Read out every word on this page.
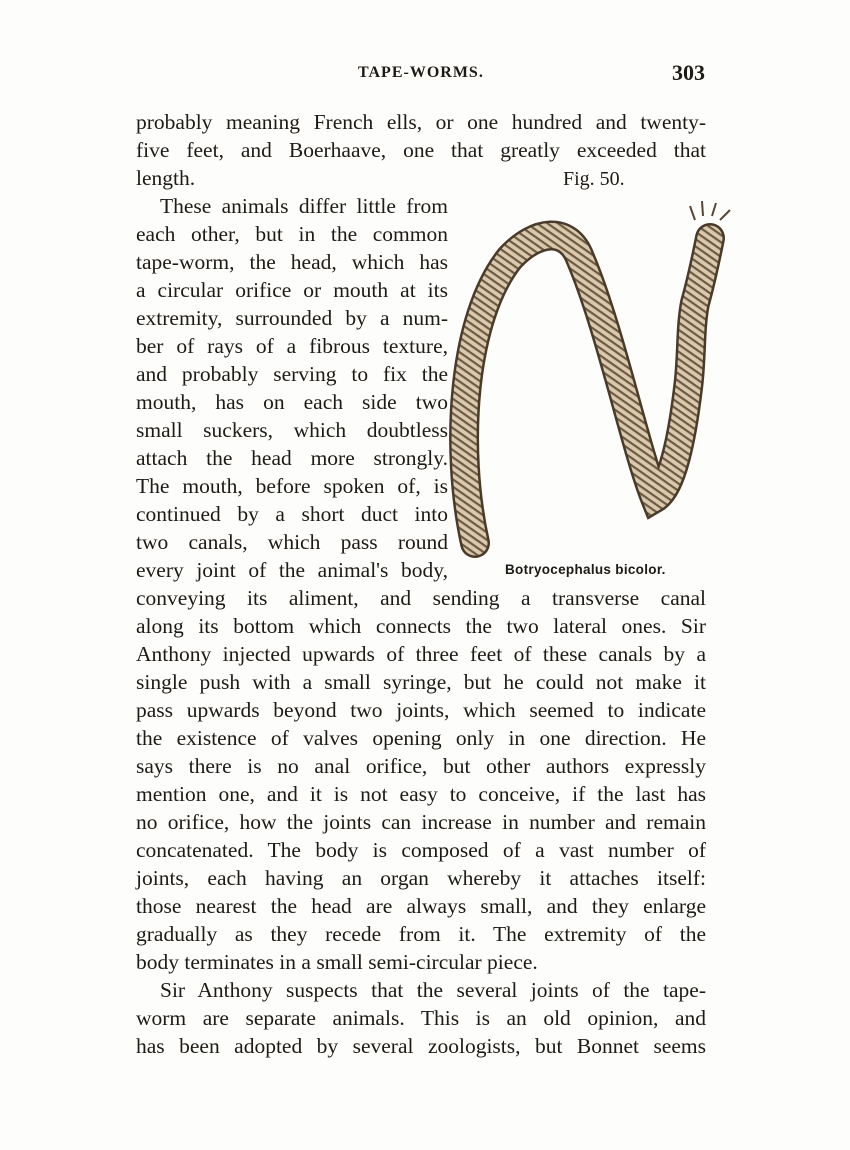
TAPE-WORMS.	303
probably meaning French ells, or one hundred and twenty-
five feet, and Boerhaave, one that greatly exceeded that
length.
These animals differ little from
each other, but in the common
tape-worm, the head, which has
a circular orifice or mouth at its
extremity, surrounded by a num-
ber of rays of a fibrous texture,
and probably serving to fix the
mouth, has on each side two
small suckers, which doubtless
attach the head more strongly.
The mouth, before spoken of, is
continued by a short duct into
two canals, which pass round
every joint of the animal's body,
conveying its aliment, and sending a transverse canal
along its bottom which connects the two lateral ones. Sir
Anthony injected upwards of three feet of these canals by a
single push with a small syringe, but he could not make it
pass upwards beyond two joints, which seemed to indicate
the existence of valves opening only in one direction. He
says there is no anal orifice, but other authors expressly
mention one, and it is not easy to conceive, if the last has
no orifice, how the joints can increase in number and remain
concatenated. The body is composed of a vast number of
joints, each having an organ whereby it attaches itself:
those nearest the head are always small, and they enlarge
gradually as they recede from it. The extremity of the
body terminates in a small semi-circular piece.
Sir Anthony suspects that the several joints of the tape-
worm are separate animals. This is an old opinion, and
has been adopted by several zoologists, but Bonnet seems
Fig. 50.
Botryocephalus bicolor.
